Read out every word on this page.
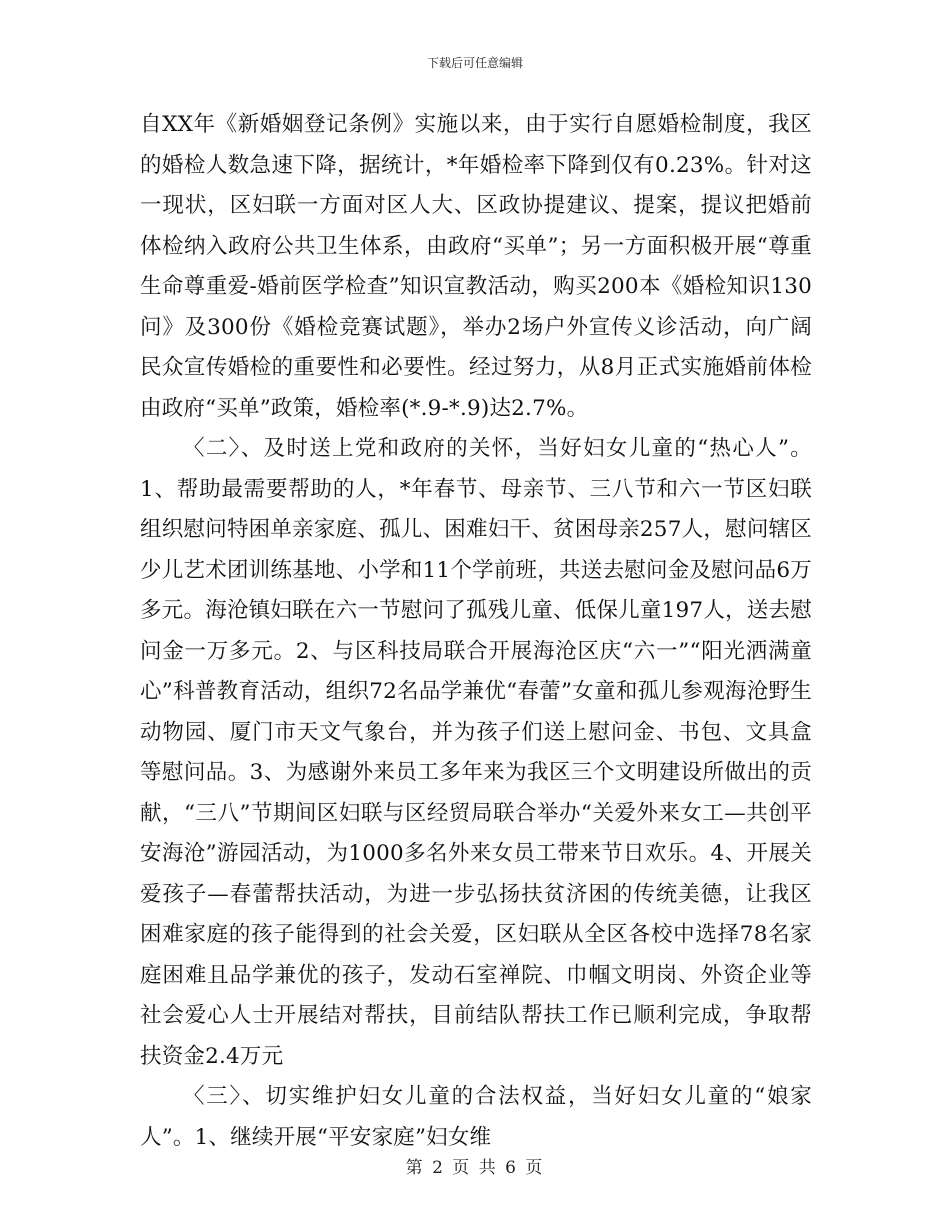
下载后可任意编辑

自XX年《新婚姻登记条例》实施以来，由于实行自愿婚检制度，我区的婚检人数急速下降，据统计，*年婚检率下降到仅有0.23%。针对这一现状，区妇联一方面对区人大、区政协提建议、提案，提议把婚前体检纳入政府公共卫生体系，由政府“买单”；另一方面积极开展“尊重生命尊重爱-婚前医学检查”知识宣教活动，购买200本《婚检知识130问》及300份《婚检竞赛试题》，举办2场户外宣传义诊活动，向广阔民众宣传婚检的重要性和必要性。经过努力，从8月正式实施婚前体检由政府“买单”政策，婚检率(*.9-*.9)达2.7%。

〈二〉、及时送上党和政府的关怀，当好妇女儿童的“热心人”。1、帮助最需要帮助的人，*年春节、母亲节、三八节和六一节区妇联组织慰问特困单亲家庭、孤儿、困难妇干、贫困母亲257人，慰问辖区少儿艺术团训练基地、小学和11个学前班，共送去慰问金及慰问品6万多元。海沧镇妇联在六一节慰问了孤残儿童、低保儿童197人，送去慰问金一万多元。2、与区科技局联合开展海沧区庆“六一”“阳光洒满童心”科普教育活动，组织72名品学兼优“春蕾”女童和孤儿参观海沧野生动物园、厦门市天文气象台，并为孩子们送上慰问金、书包、文具盒等慰问品。3、为感谢外来员工多年来为我区三个文明建设所做出的贡献，“三八”节期间区妇联与区经贸局联合举办“关爱外来女工—共创平安海沧”游园活动，为1000多名外来女员工带来节日欢乐。4、开展关爱孩子—春蕾帮扶活动，为进一步弘扬扶贫济困的传统美德，让我区困难家庭的孩子能得到的社会关爱，区妇联从全区各校中选择78名家庭困难且品学兼优的孩子，发动石室禅院、巾帼文明岗、外资企业等社会爱心人士开展结对帮扶，目前结队帮扶工作已顺利完成，争取帮扶资金2.4万元

〈三〉、切实维护妇女儿童的合法权益，当好妇女儿童的“娘家人”。1、继续开展“平安家庭”妇女维

第 2 页 共 6 页
